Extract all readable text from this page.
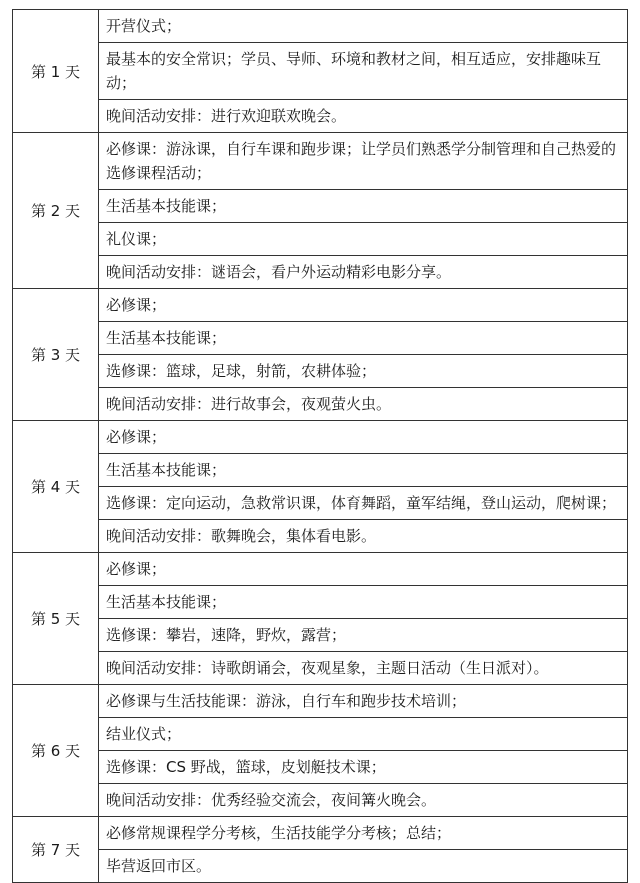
第 1 天	开营仪式；

	最基本的安全常识；学员、导师、环境和教材之间，相互适应，安排趣味互动；

	晚间活动安排：进行欢迎联欢晚会。

第 2 天	必修课：游泳课，自行车课和跑步课；让学员们熟悉学分制管理和自己热爱的选修课程活动；

	生活基本技能课；

	礼仪课；

	晚间活动安排：谜语会，看户外运动精彩电影分享。

第 3 天	必修课；

	生活基本技能课；

	选修课：篮球，足球，射箭，农耕体验；

	晚间活动安排：进行故事会，夜观萤火虫。

第 4 天	必修课；

	生活基本技能课；

	选修课：定向运动，急救常识课，体育舞蹈，童军结绳，登山运动，爬树课；

	晚间活动安排：歌舞晚会，集体看电影。

第 5 天	必修课；

	生活基本技能课；

	选修课：攀岩，速降，野炊，露营；

	晚间活动安排：诗歌朗诵会，夜观星象，主题日活动（生日派对）。

第 6 天	必修课与生活技能课：游泳，自行车和跑步技术培训；

	结业仪式；

	选修课：CS 野战，篮球，皮划艇技术课；

	晚间活动安排：优秀经验交流会，夜间篝火晚会。

第 7 天	必修常规课程学分考核，生活技能学分考核；总结；

	毕营返回市区。
